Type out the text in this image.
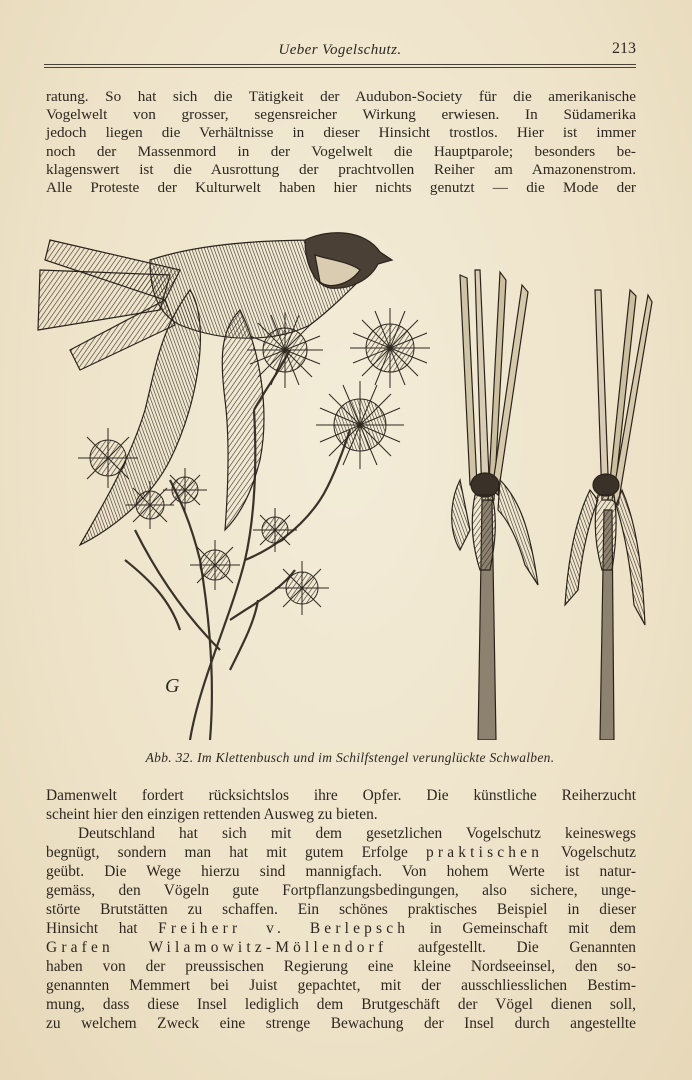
Ueber Vogelschutz.	213
ratung. So hat sich die Tätigkeit der Audubon-Society für die amerikanische
Vogelwelt von grosser, segensreicher Wirkung erwiesen. In Südamerika
jedoch liegen die Verhältnisse in dieser Hinsicht trostlos. Hier ist immer
noch der Massenmord in der Vogelwelt die Hauptparole; besonders be-
klagenswert ist die Ausrottung der prachtvollen Reiher am Amazonenstrom.
Alle Proteste der Kulturwelt haben hier nichts genutzt — die Mode der
G
Abb. 32. Im Klettenbusch und im Schilfstengel verunglückte Schwalben.
Damenwelt fordert rücksichtslos ihre Opfer. Die künstliche Reiherzucht
scheint hier den einzigen rettenden Ausweg zu bieten.
Deutschland hat sich mit dem gesetzlichen Vogelschutz keineswegs
begnügt, sondern man hat mit gutem Erfolge praktischen Vogelschutz
geübt. Die Wege hierzu sind mannigfach. Von hohem Werte ist natur-
gemäss, den Vögeln gute Fortpflanzungsbedingungen, also sichere, unge-
störte Brutstätten zu schaffen. Ein schönes praktisches Beispiel in dieser
Hinsicht hat Freiherr v. Berlepsch in Gemeinschaft mit dem
Grafen Wilamowitz-Möllendorf aufgestellt. Die Genannten
haben von der preussischen Regierung eine kleine Nordseeinsel, den so-
genannten Memmert bei Juist gepachtet, mit der ausschliesslichen Bestim-
mung, dass diese Insel lediglich dem Brutgeschäft der Vögel dienen soll,
zu welchem Zweck eine strenge Bewachung der Insel durch angestellte
